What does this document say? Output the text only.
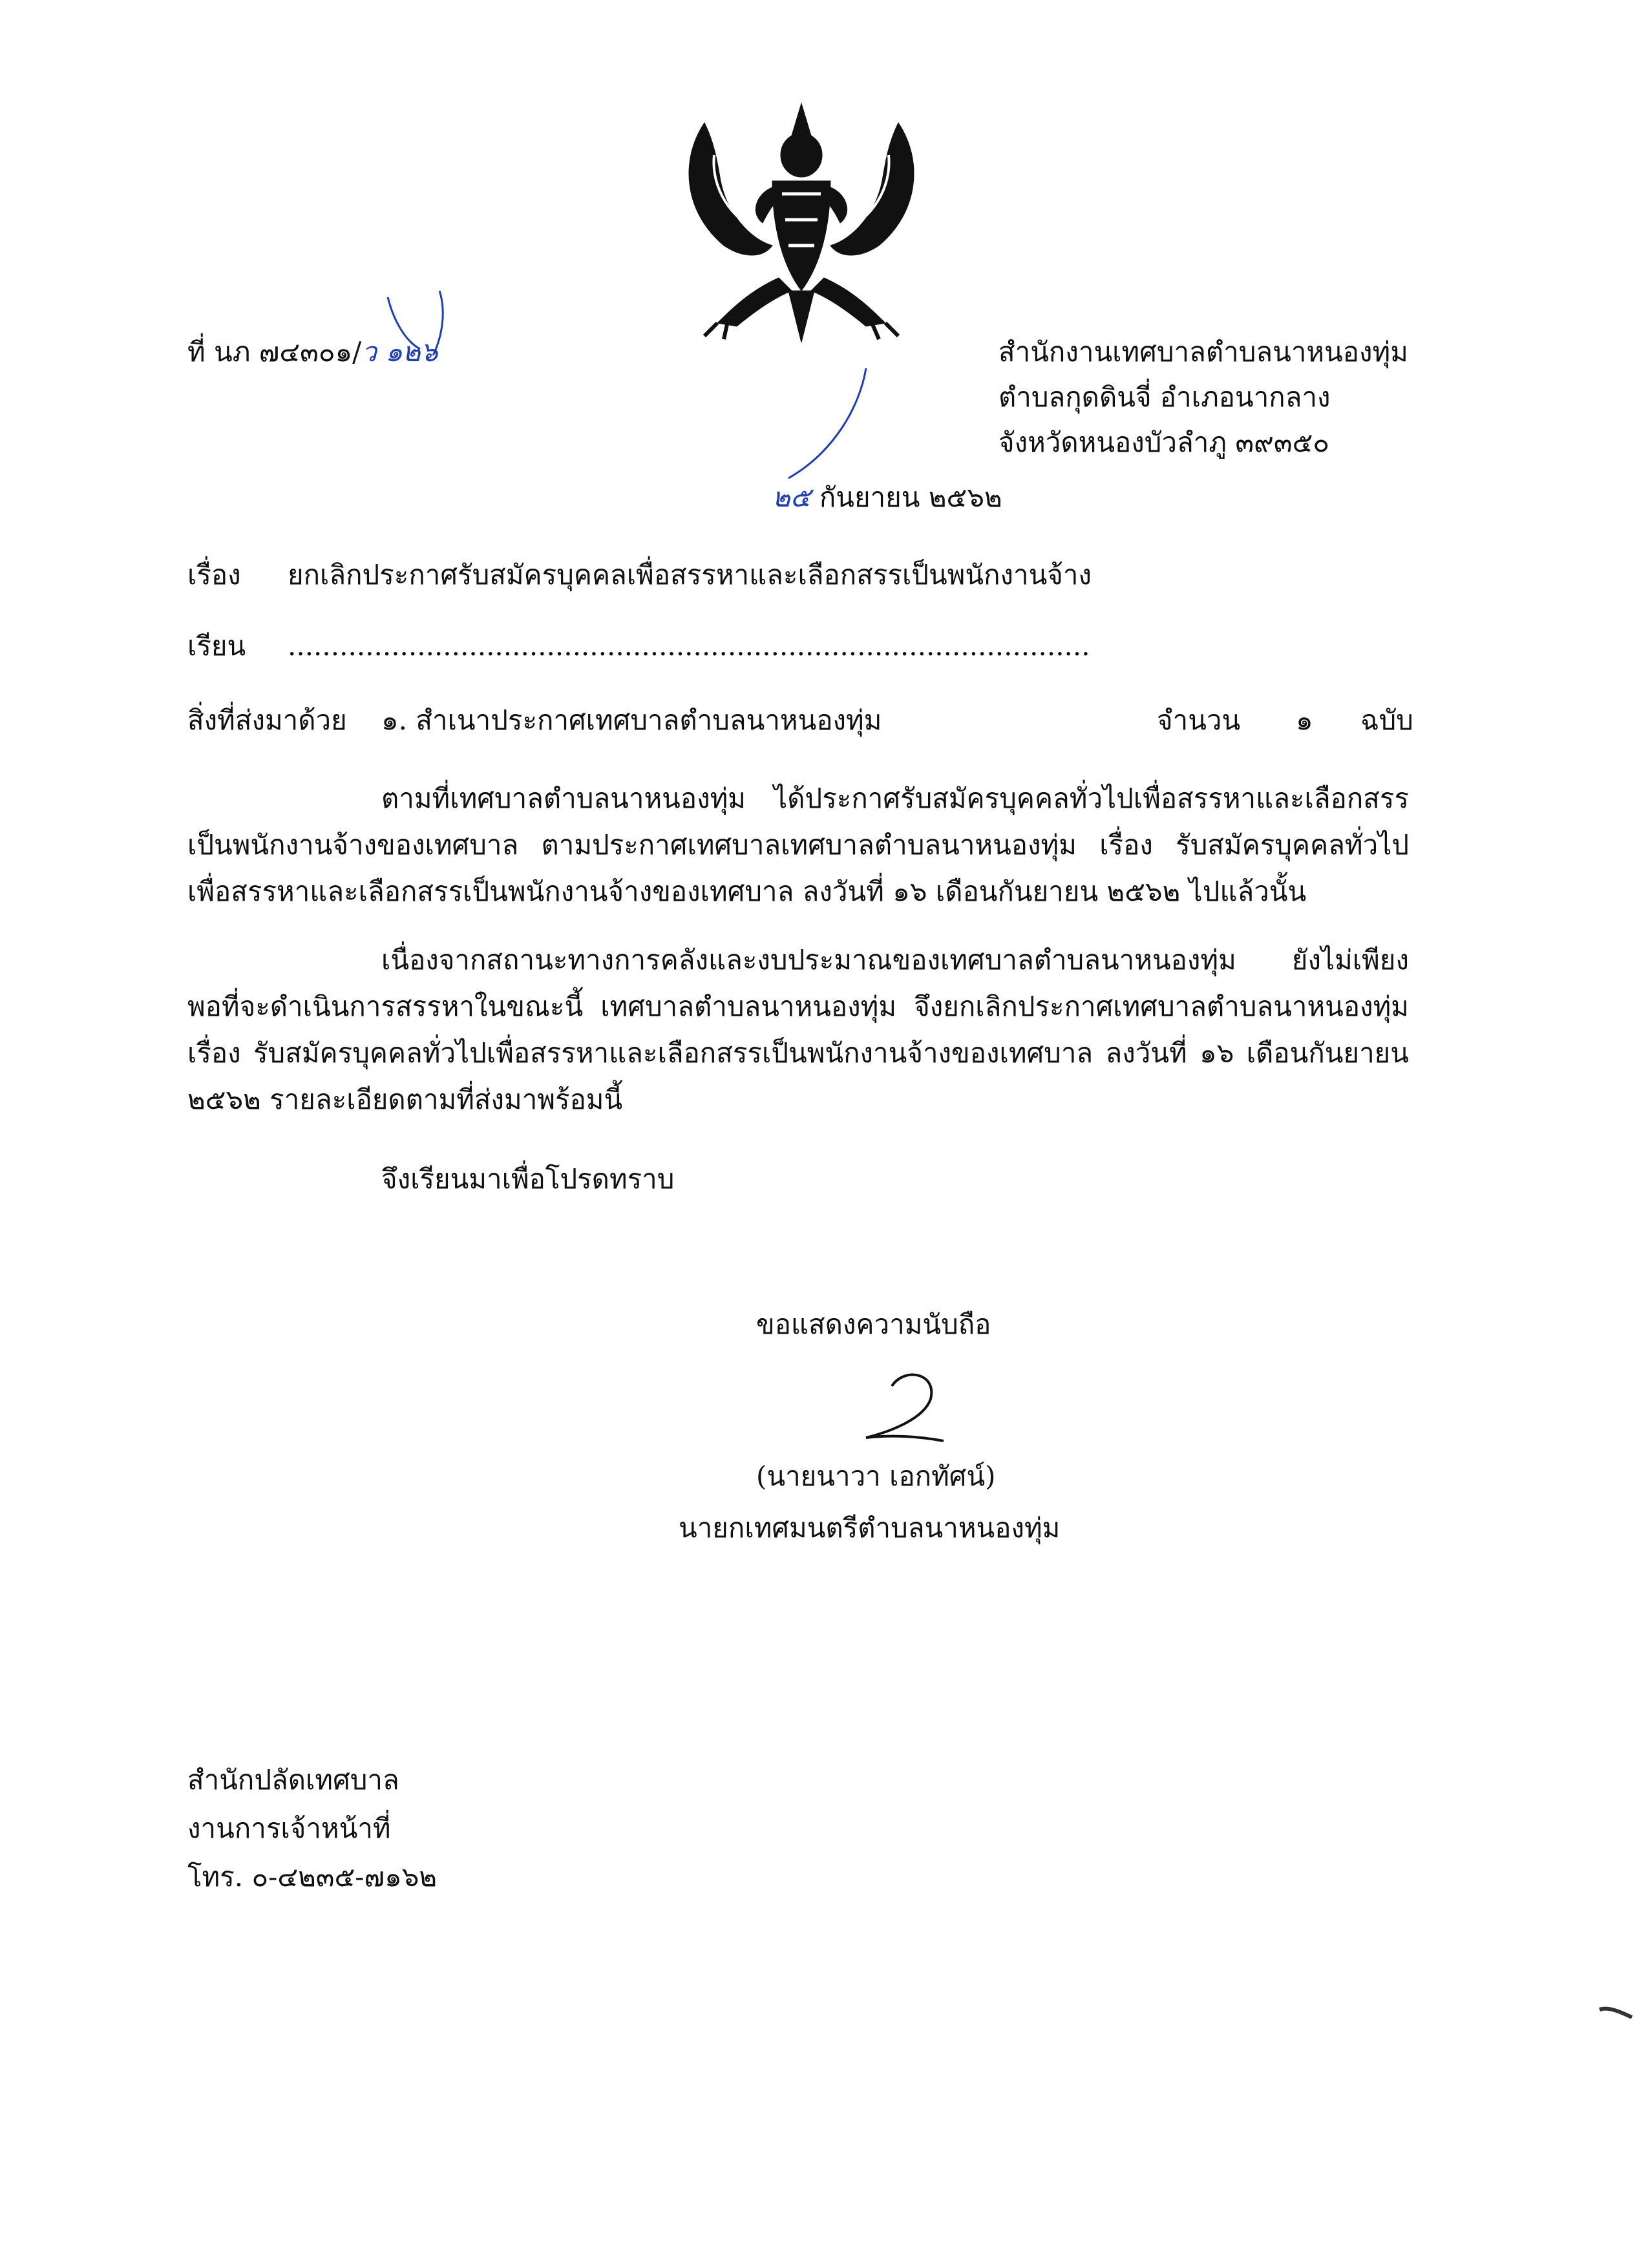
ที่ นภ ๗๔๓๐๑/ว ๑๒๖	สำนักงานเทศบาลตำบลนาหนองทุ่ม
ตำบลกุดดินจี่ อำเภอนากลาง
จังหวัดหนองบัวลำภู ๓๙๓๕๐
๒๕ กันยายน ๒๕๖๒
เรื่อง ยกเลิกประกาศรับสมัครบุคคลเพื่อสรรหาและเลือกสรรเป็นพนักงานจ้าง
เรียน .............................................................................................
สิ่งที่ส่งมาด้วย ๑. สำเนาประกาศเทศบาลตำบลนาหนองทุ่ม	จำนวน ๑ ฉบับ
ตามที่เทศบาลตำบลนาหนองทุ่ม ได้ประกาศรับสมัครบุคคลทั่วไปเพื่อสรรหาและเลือกสรรเป็นพนักงานจ้างของเทศบาล ตามประกาศเทศบาลเทศบาลตำบลนาหนองทุ่ม เรื่อง รับสมัครบุคคลทั่วไปเพื่อสรรหาและเลือกสรรเป็นพนักงานจ้างของเทศบาล ลงวันที่ ๑๖ เดือนกันยายน ๒๕๖๒ ไปแล้วนั้น
เนื่องจากสถานะทางการคลังและงบประมาณของเทศบาลตำบลนาหนองทุ่ม ยังไม่เพียงพอที่จะดำเนินการสรรหาในขณะนี้ เทศบาลตำบลนาหนองทุ่ม จึงยกเลิกประกาศเทศบาลตำบลนาหนองทุ่ม เรื่อง รับสมัครบุคคลทั่วไปเพื่อสรรหาและเลือกสรรเป็นพนักงานจ้างของเทศบาล ลงวันที่ ๑๖ เดือนกันยายน ๒๕๖๒ รายละเอียดตามที่ส่งมาพร้อมนี้
จึงเรียนมาเพื่อโปรดทราบ
ขอแสดงความนับถือ
(นายนาวา เอกทัศน์)
นายกเทศมนตรีตำบลนาหนองทุ่ม
สำนักปลัดเทศบาล
งานการเจ้าหน้าที่
โทร. ๐-๔๒๓๕-๗๑๖๒
